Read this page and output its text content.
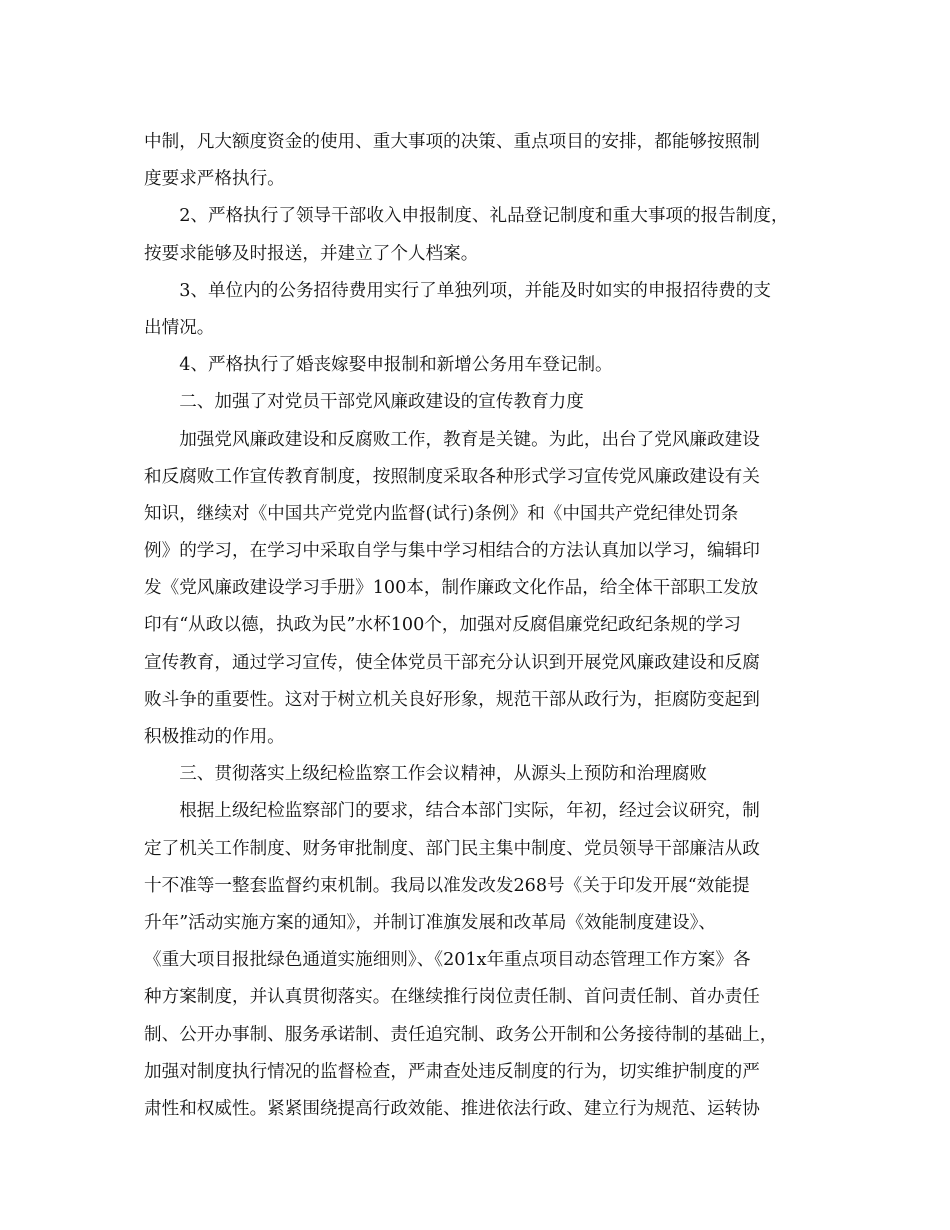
中制，凡大额度资金的使用、重大事项的决策、重点项目的安排，都能够按照制
度要求严格执行。
　　2、严格执行了领导干部收入申报制度、礼品登记制度和重大事项的报告制度，
按要求能够及时报送，并建立了个人档案。
　　3、单位内的公务招待费用实行了单独列项，并能及时如实的申报招待费的支
出情况。
　　4、严格执行了婚丧嫁娶申报制和新增公务用车登记制。
　　二、加强了对党员干部党风廉政建设的宣传教育力度
　　加强党风廉政建设和反腐败工作，教育是关键。为此，出台了党风廉政建设
和反腐败工作宣传教育制度，按照制度采取各种形式学习宣传党风廉政建设有关
知识，继续对《中国共产党党内监督(试行)条例》和《中国共产党纪律处罚条
例》的学习，在学习中采取自学与集中学习相结合的方法认真加以学习，编辑印
发《党风廉政建设学习手册》100本，制作廉政文化作品，给全体干部职工发放
印有“从政以德，执政为民”水杯100个，加强对反腐倡廉党纪政纪条规的学习
宣传教育，通过学习宣传，使全体党员干部充分认识到开展党风廉政建设和反腐
败斗争的重要性。这对于树立机关良好形象，规范干部从政行为，拒腐防变起到
积极推动的作用。
　　三、贯彻落实上级纪检监察工作会议精神，从源头上预防和治理腐败
　　根据上级纪检监察部门的要求，结合本部门实际，年初，经过会议研究，制
定了机关工作制度、财务审批制度、部门民主集中制度、党员领导干部廉洁从政
十不准等一整套监督约束机制。我局以准发改发268号《关于印发开展“效能提
升年”活动实施方案的通知》，并制订准旗发展和改革局《效能制度建设》、
《重大项目报批绿色通道实施细则》、《201x年重点项目动态管理工作方案》各
种方案制度，并认真贯彻落实。在继续推行岗位责任制、首问责任制、首办责任
制、公开办事制、服务承诺制、责任追究制、政务公开制和公务接待制的基础上，
加强对制度执行情况的监督检查，严肃查处违反制度的行为，切实维护制度的严
肃性和权威性。紧紧围绕提高行政效能、推进依法行政、建立行为规范、运转协
